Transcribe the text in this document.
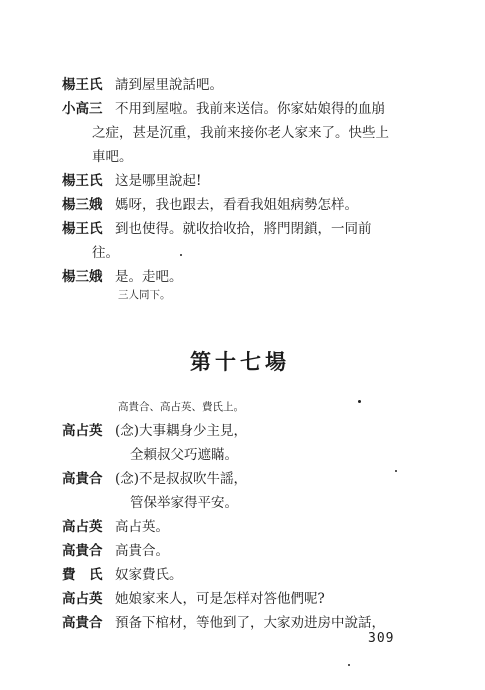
楊王氏 請到屋里說話吧。
小高三 不用到屋啦。我前来送信。你家姑娘得的血崩
之症，甚是沉重，我前来接你老人家来了。快些上
車吧。
楊王氏 这是哪里說起!
楊三娥 媽呀，我也跟去，看看我姐姐病勢怎样。
楊王氏 到也使得。就收拾收拾，將門閉鎖，一同前
往。
楊三娥 是。走吧。
三人同下。
第十七場
高貴合、高占英、費氏上。
高占英 (念)大事耦身少主見，
全頼叔父巧遮瞞。
高貴合 (念)不是叔叔吹牛謡，
管保举家得平安。
高占英 高占英。
高貴合 高貴合。
費　氏 奴家費氏。
高占英 她娘家来人，可是怎样对答他們呢?
高貴合 預备下棺材，等他到了，大家劝进房中說話，
309
